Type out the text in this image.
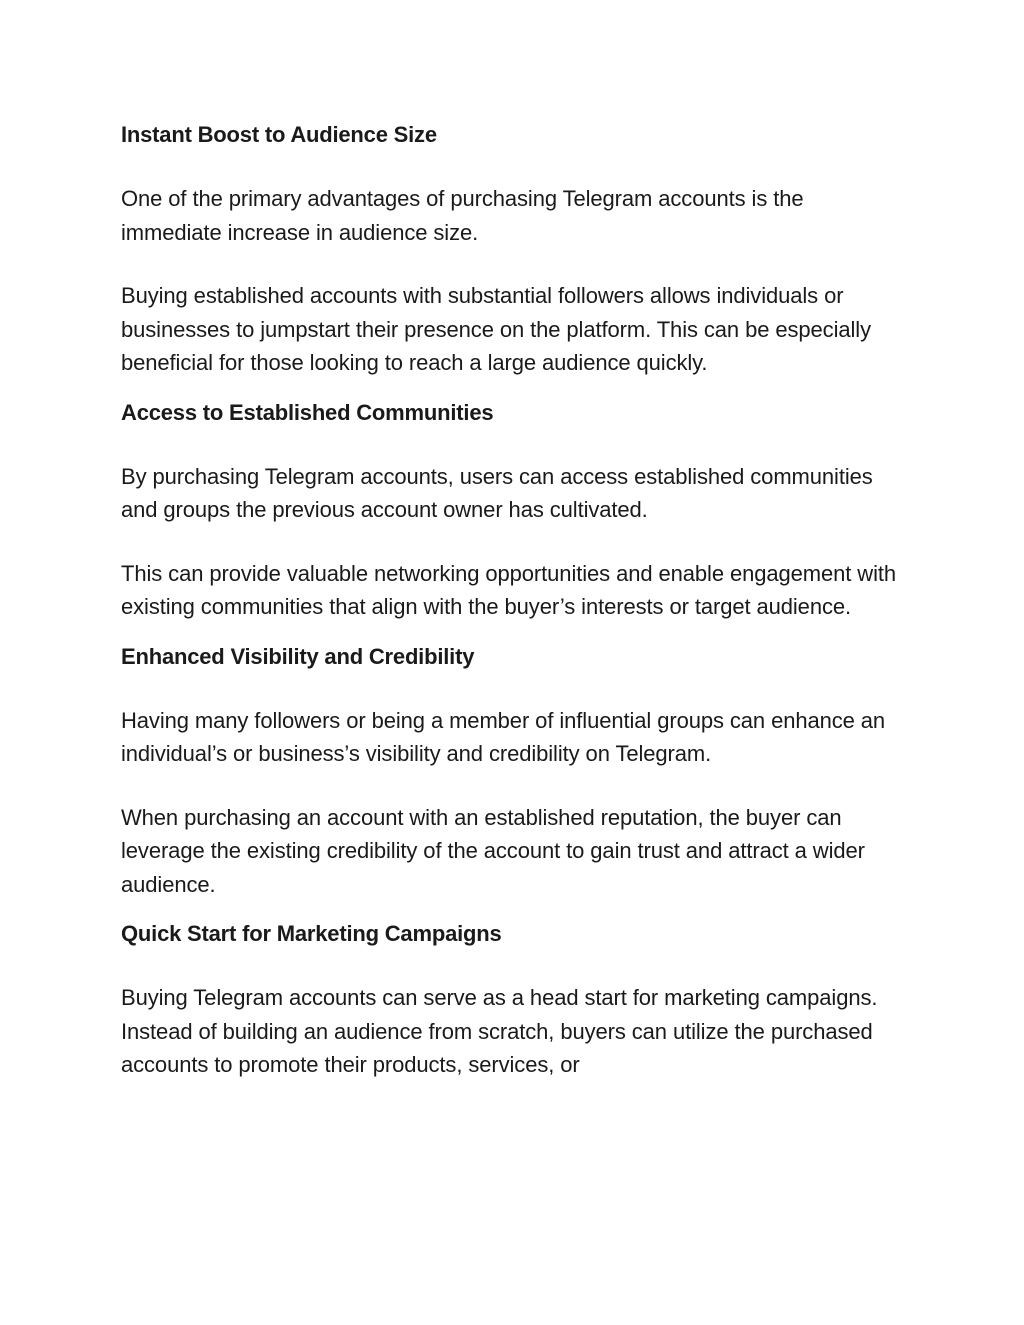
Instant Boost to Audience Size

One of the primary advantages of purchasing Telegram accounts is the immediate increase in audience size.

Buying established accounts with substantial followers allows individuals or businesses to jumpstart their presence on the platform. This can be especially beneficial for those looking to reach a large audience quickly.

Access to Established Communities

By purchasing Telegram accounts, users can access established communities and groups the previous account owner has cultivated.

This can provide valuable networking opportunities and enable engagement with existing communities that align with the buyer’s interests or target audience.

Enhanced Visibility and Credibility

Having many followers or being a member of influential groups can enhance an individual’s or business’s visibility and credibility on Telegram.

When purchasing an account with an established reputation, the buyer can leverage the existing credibility of the account to gain trust and attract a wider audience.

Quick Start for Marketing Campaigns

Buying Telegram accounts can serve as a head start for marketing campaigns. Instead of building an audience from scratch, buyers can utilize the purchased accounts to promote their products, services, or
